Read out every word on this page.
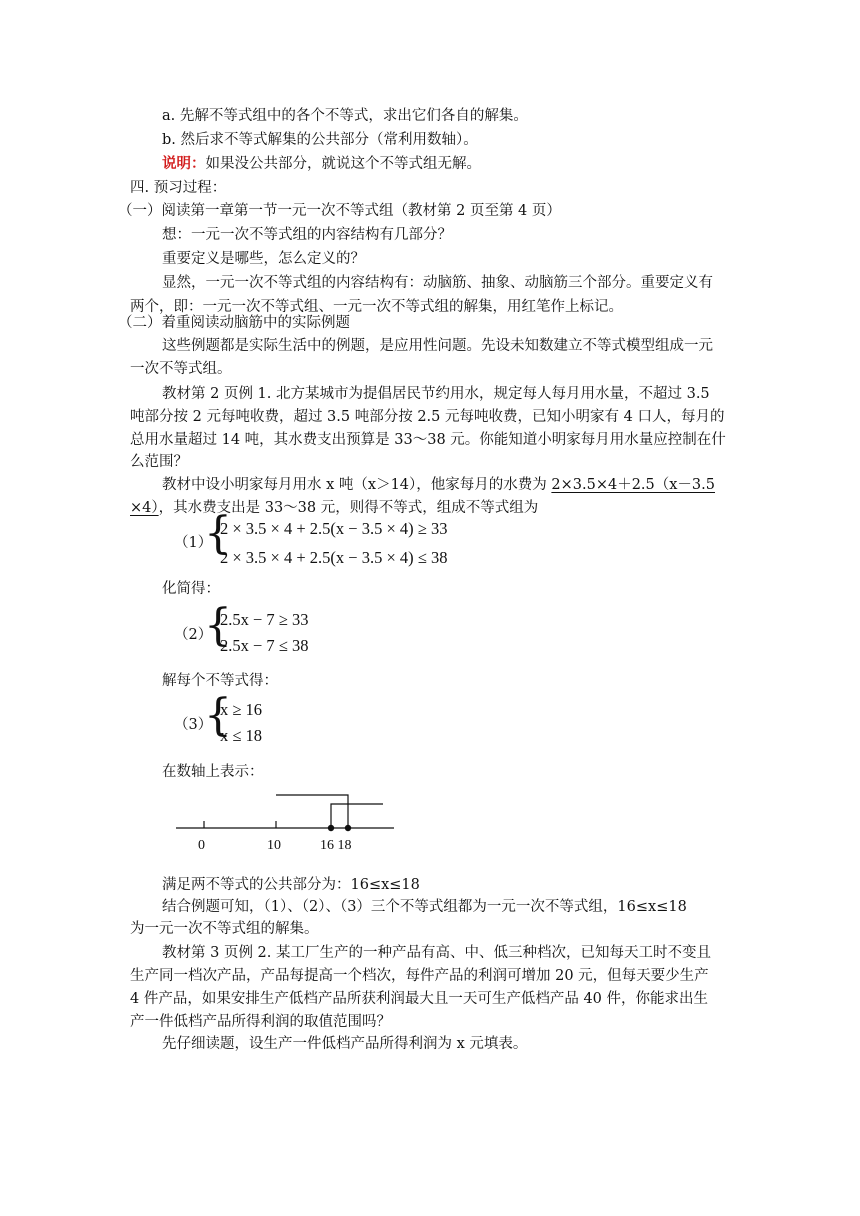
a. 先解不等式组中的各个不等式，求出它们各自的解集。
b. 然后求不等式解集的公共部分（常利用数轴）。
说明：如果没公共部分，就说这个不等式组无解。
四. 预习过程：
（一）阅读第一章第一节一元一次不等式组（教材第 2 页至第 4 页）
想：一元一次不等式组的内容结构有几部分？
重要定义是哪些，怎么定义的？
显然，一元一次不等式组的内容结构有：动脑筋、抽象、动脑筋三个部分。重要定义有
两个，即：一元一次不等式组、一元一次不等式组的解集，用红笔作上标记。
（二）着重阅读动脑筋中的实际例题
这些例题都是实际生活中的例题，是应用性问题。先设未知数建立不等式模型组成一元
一次不等式组。
教材第 2 页例 1. 北方某城市为提倡居民节约用水，规定每人每月用水量，不超过 3.5
吨部分按 2 元每吨收费，超过 3.5 吨部分按 2.5 元每吨收费，已知小明家有 4 口人，每月的
总用水量超过 14 吨，其水费支出预算是 33～38 元。你能知道小明家每月用水量应控制在什
么范围？
教材中设小明家每月用水 x 吨（x＞14），他家每月的水费为 2×3.5×4＋2.5（x－3.5
×4），其水费支出是 33～38 元，则得不等式，组成不等式组为
（1）
{
2 × 3.5 × 4 + 2.5(x − 3.5 × 4) ≥ 33
2 × 3.5 × 4 + 2.5(x − 3.5 × 4) ≤ 38
化简得：
（2）
{
2.5x − 7 ≥ 33
2.5x − 7 ≤ 38
解每个不等式得：
（3）
{
x ≥ 16
x ≤ 18
在数轴上表示：
0	10	16 18
满足两不等式的公共部分为：16≤x≤18
结合例题可知，（1）、（2）、（3）三个不等式组都为一元一次不等式组，16≤x≤18
为一元一次不等式组的解集。
教材第 3 页例 2. 某工厂生产的一种产品有高、中、低三种档次，已知每天工时不变且
生产同一档次产品，产品每提高一个档次，每件产品的利润可增加 20 元，但每天要少生产
4 件产品，如果安排生产低档产品所获利润最大且一天可生产低档产品 40 件，你能求出生
产一件低档产品所得利润的取值范围吗？
先仔细读题，设生产一件低档产品所得利润为 x 元填表。
